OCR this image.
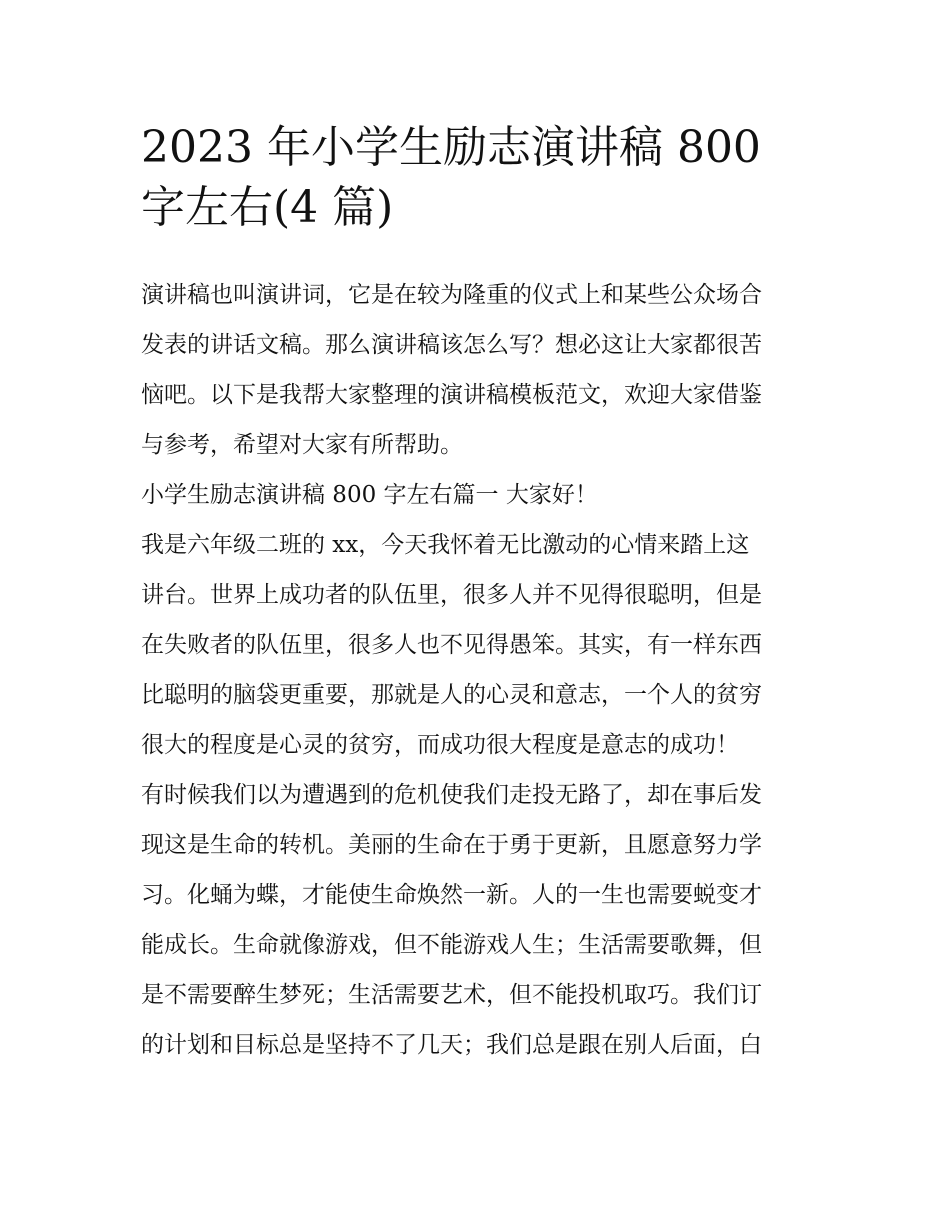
2023 年小学生励志演讲稿 800
字左右(4 篇)

演讲稿也叫演讲词，它是在较为隆重的仪式上和某些公众场合
发表的讲话文稿。那么演讲稿该怎么写？想必这让大家都很苦
恼吧。以下是我帮大家整理的演讲稿模板范文，欢迎大家借鉴
与参考，希望对大家有所帮助。

小学生励志演讲稿 800 字左右篇一 大家好！

我是六年级二班的 xx，今天我怀着无比激动的心情来踏上这
讲台。世界上成功者的队伍里，很多人并不见得很聪明，但是
在失败者的队伍里，很多人也不见得愚笨。其实，有一样东西
比聪明的脑袋更重要，那就是人的心灵和意志，一个人的贫穷
很大的程度是心灵的贫穷，而成功很大程度是意志的成功！

有时候我们以为遭遇到的危机使我们走投无路了，却在事后发
现这是生命的转机。美丽的生命在于勇于更新，且愿意努力学
习。化蛹为蝶，才能使生命焕然一新。人的一生也需要蜕变才
能成长。生命就像游戏，但不能游戏人生；生活需要歌舞，但
是不需要醉生梦死；生活需要艺术，但不能投机取巧。我们订
的计划和目标总是坚持不了几天；我们总是跟在别人后面，白
